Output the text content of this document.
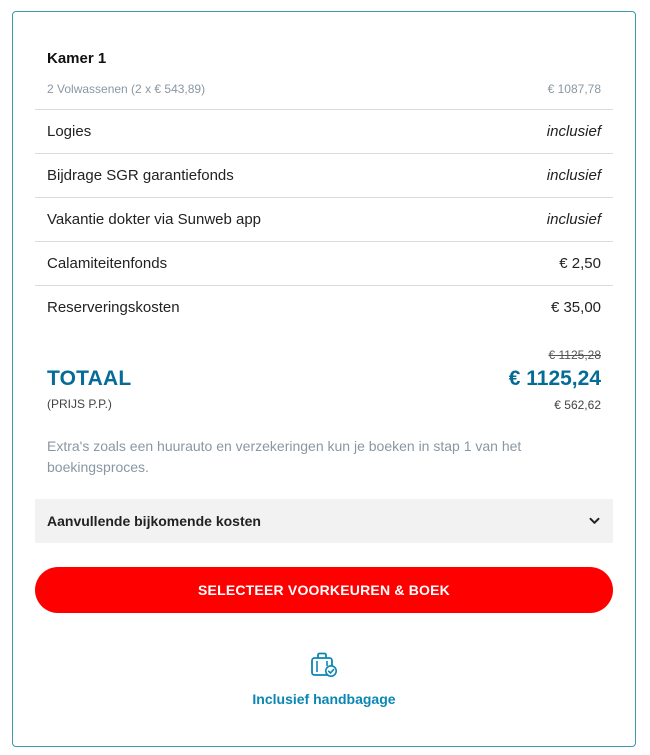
Kamer 1
2 Volwassenen (2 x € 543,89)	€ 1087,78
Logies	inclusief
Bijdrage SGR garantiefonds	inclusief
Vakantie dokter via Sunweb app	inclusief
Calamiteitenfonds	€ 2,50
Reserveringskosten	€ 35,00
€ 1125,28
TOTAAL	€ 1125,24
(PRIJS P.P.)	€ 562,62
Extra's zoals een huurauto en verzekeringen kun je boeken in stap 1 van het boekingsproces.
Aanvullende bijkomende kosten
SELECTEER VOORKEUREN & BOEK
Inclusief handbagage
